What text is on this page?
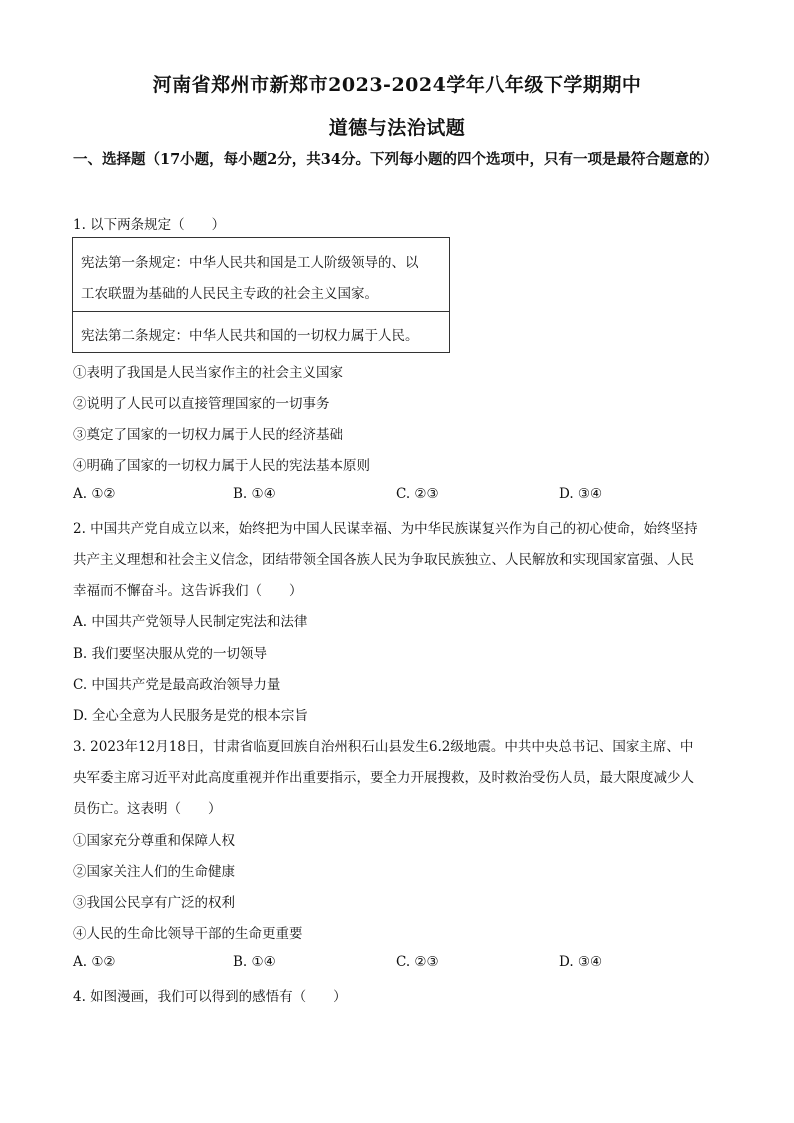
河南省郑州市新郑市2023-2024学年八年级下学期期中
道德与法治试题
一、选择题（17小题，每小题2分，共34分。下列每小题的四个选项中，只有一项是最符合题意的）
1. 以下两条规定（　　）
宪法第一条规定：中华人民共和国是工人阶级领导的、以
工农联盟为基础的人民民主专政的社会主义国家。
宪法第二条规定：中华人民共和国的一切权力属于人民。
①表明了我国是人民当家作主的社会主义国家
②说明了人民可以直接管理国家的一切事务
③奠定了国家的一切权力属于人民的经济基础
④明确了国家的一切权力属于人民的宪法基本原则
A. ①②	B. ①④	C. ②③	D. ③④
2. 中国共产党自成立以来，始终把为中国人民谋幸福、为中华民族谋复兴作为自己的初心使命，始终坚持
共产主义理想和社会主义信念，团结带领全国各族人民为争取民族独立、人民解放和实现国家富强、人民
幸福而不懈奋斗。这告诉我们（　　）
A. 中国共产党领导人民制定宪法和法律
B. 我们要坚决服从党的一切领导
C. 中国共产党是最高政治领导力量
D. 全心全意为人民服务是党的根本宗旨
3. 2023年12月18日，甘肃省临夏回族自治州积石山县发生6.2级地震。中共中央总书记、国家主席、中
央军委主席习近平对此高度重视并作出重要指示，要全力开展搜救，及时救治受伤人员，最大限度减少人
员伤亡。这表明（　　）
①国家充分尊重和保障人权
②国家关注人们的生命健康
③我国公民享有广泛的权利
④人民的生命比领导干部的生命更重要
A. ①②	B. ①④	C. ②③	D. ③④
4. 如图漫画，我们可以得到的感悟有（　　）
